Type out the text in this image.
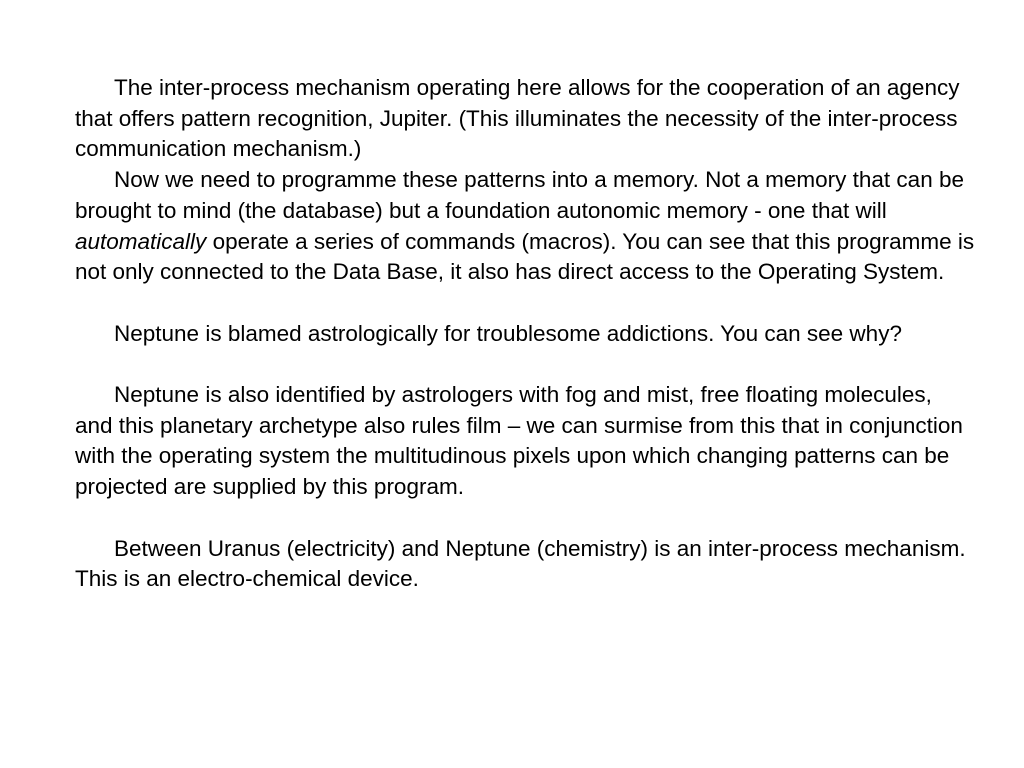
The inter-process mechanism operating here allows for the cooperation of an agency that offers pattern recognition, Jupiter. (This illuminates the necessity of the inter-process communication mechanism.)

Now we need to programme these patterns into a memory. Not a memory that can be brought to mind (the database) but a foundation autonomic memory - one that will automatically operate a series of commands (macros). You can see that this programme is not only connected to the Data Base, it also has direct access to the Operating System.

Neptune is blamed astrologically for troublesome addictions. You can see why?

Neptune is also identified by astrologers with fog and mist, free floating molecules, and this planetary archetype also rules film – we can surmise from this that in conjunction with the operating system the multitudinous pixels upon which changing patterns can be projected are supplied by this program.

Between Uranus (electricity) and Neptune (chemistry) is an inter-process mechanism. This is an electro-chemical device.
